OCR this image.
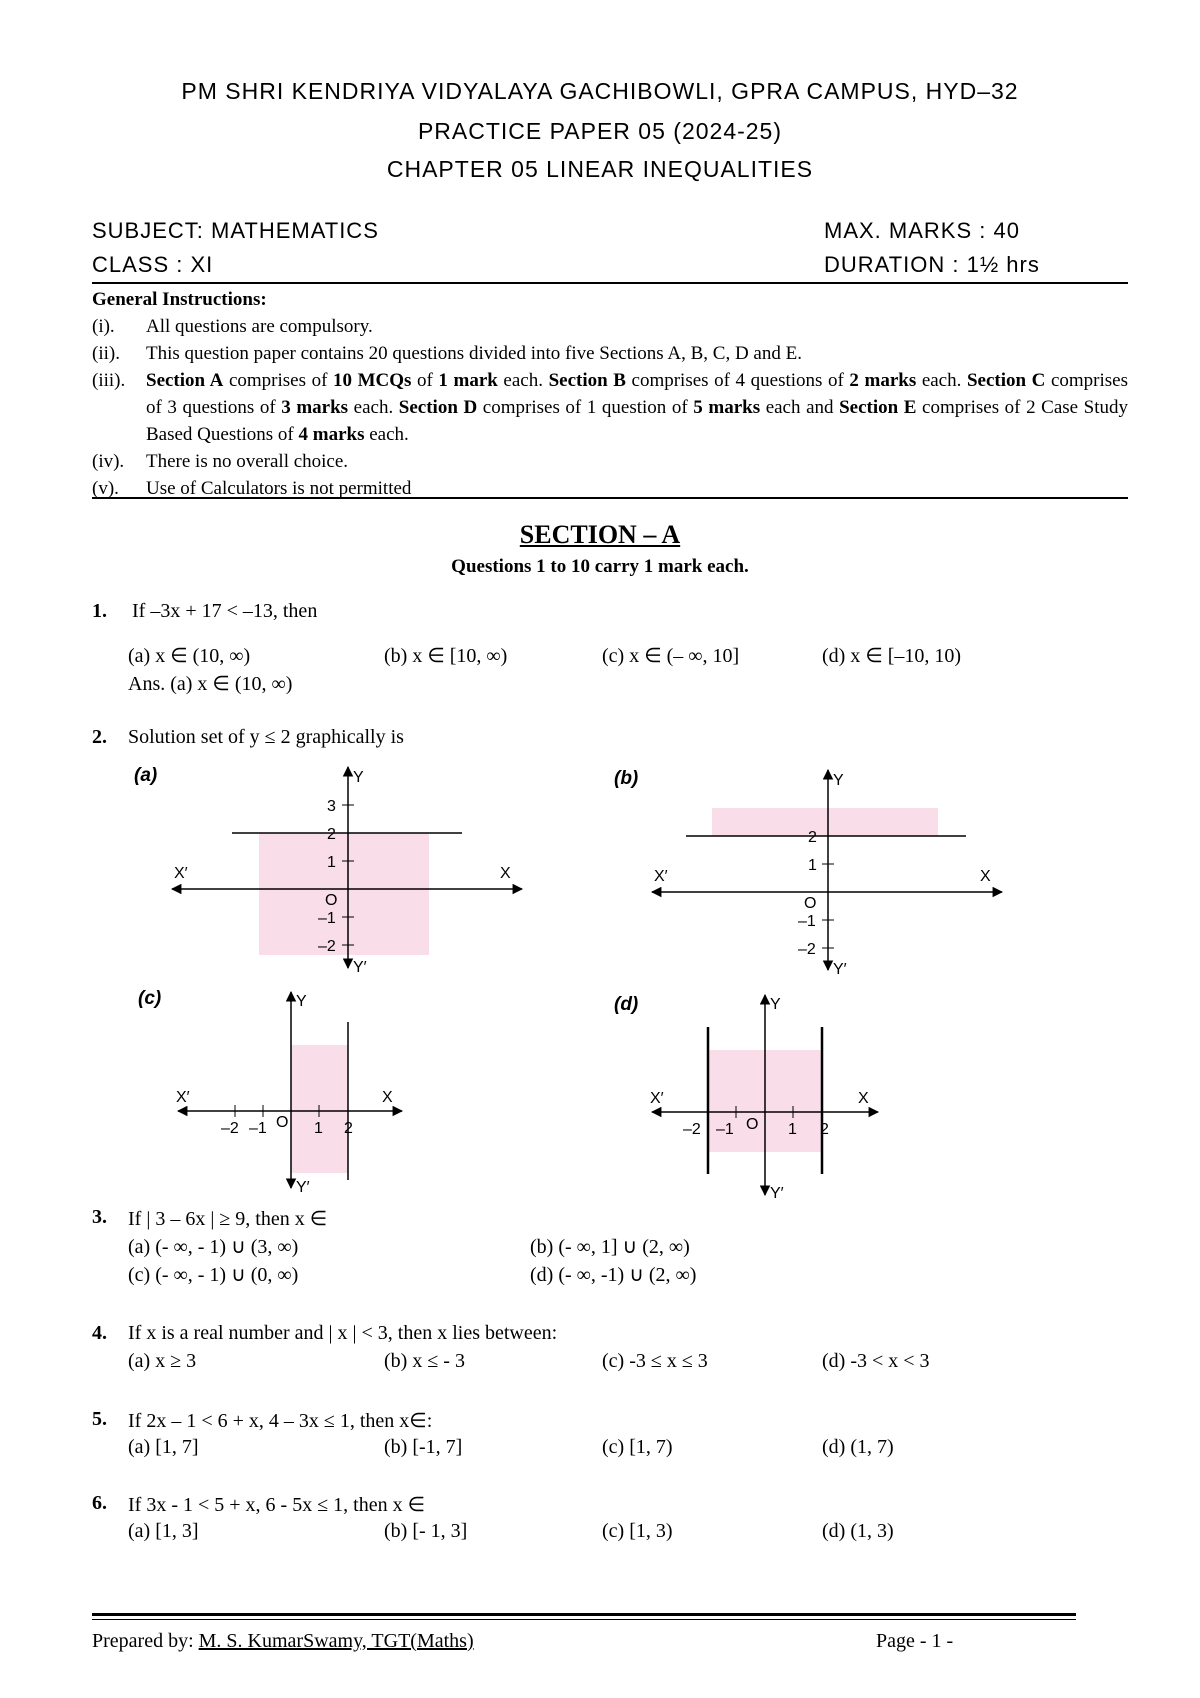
PM SHRI KENDRIYA VIDYALAYA GACHIBOWLI, GPRA CAMPUS, HYD–32
PRACTICE PAPER 05 (2024-25)
CHAPTER 05 LINEAR INEQUALITIES
SUBJECT: MATHEMATICS	MAX. MARKS : 40
CLASS : XI	DURATION : 1½ hrs
General Instructions:
(i).	All questions are compulsory.
(ii).	This question paper contains 20 questions divided into five Sections A, B, C, D and E.
(iii).	Section A comprises of 10 MCQs of 1 mark each. Section B comprises of 4 questions of 2 marks each. Section C comprises of 3 questions of 3 marks each. Section D comprises of 1 question of 5 marks each and Section E comprises of 2 Case Study Based Questions of 4 marks each.
(iv).	There is no overall choice.
(v).	Use of Calculators is not permitted
SECTION – A
Questions 1 to 10 carry 1 mark each.
1. If –3x + 17 < –13, then
(a) x ∈ (10, ∞)	(b) x ∈ [10, ∞)	(c) x ∈ (– ∞, 10]	(d) x ∈ [–10, 10)
Ans. (a) x ∈ (10, ∞)
2. Solution set of y ≤ 2 graphically is
(a)	Y
Y′
X′	X
3
2
1
O
–1
–2
(b)	Y
Y′
X′	X
2
1
O
–1
–2
(c)	Y
Y′
X′	X
–2 –1 O 1 2
(d)	Y
Y′
X′	X
–2 –1 O 1 2
3. If | 3 – 6x | ≥ 9, then x ∈
(a) (- ∞, - 1) ∪ (3, ∞)	(b) (- ∞, 1] ∪ (2, ∞)
(c) (- ∞, - 1) ∪ (0, ∞)	(d) (- ∞, -1) ∪ (2, ∞)
4. If x is a real number and | x | < 3, then x lies between:
(a) x ≥ 3	(b) x ≤ - 3	(c) -3 ≤ x ≤ 3	(d) -3 < x < 3
5. If 2x – 1 < 6 + x, 4 – 3x ≤ 1, then x∈:
(a) [1, 7]	(b) [-1, 7]	(c) [1, 7)	(d) (1, 7)
6. If 3x - 1 < 5 + x, 6 - 5x ≤ 1, then x ∈
(a) [1, 3]	(b) [- 1, 3]	(c) [1, 3)	(d) (1, 3)
Prepared by: M. S. KumarSwamy, TGT(Maths)	Page - 1 -
